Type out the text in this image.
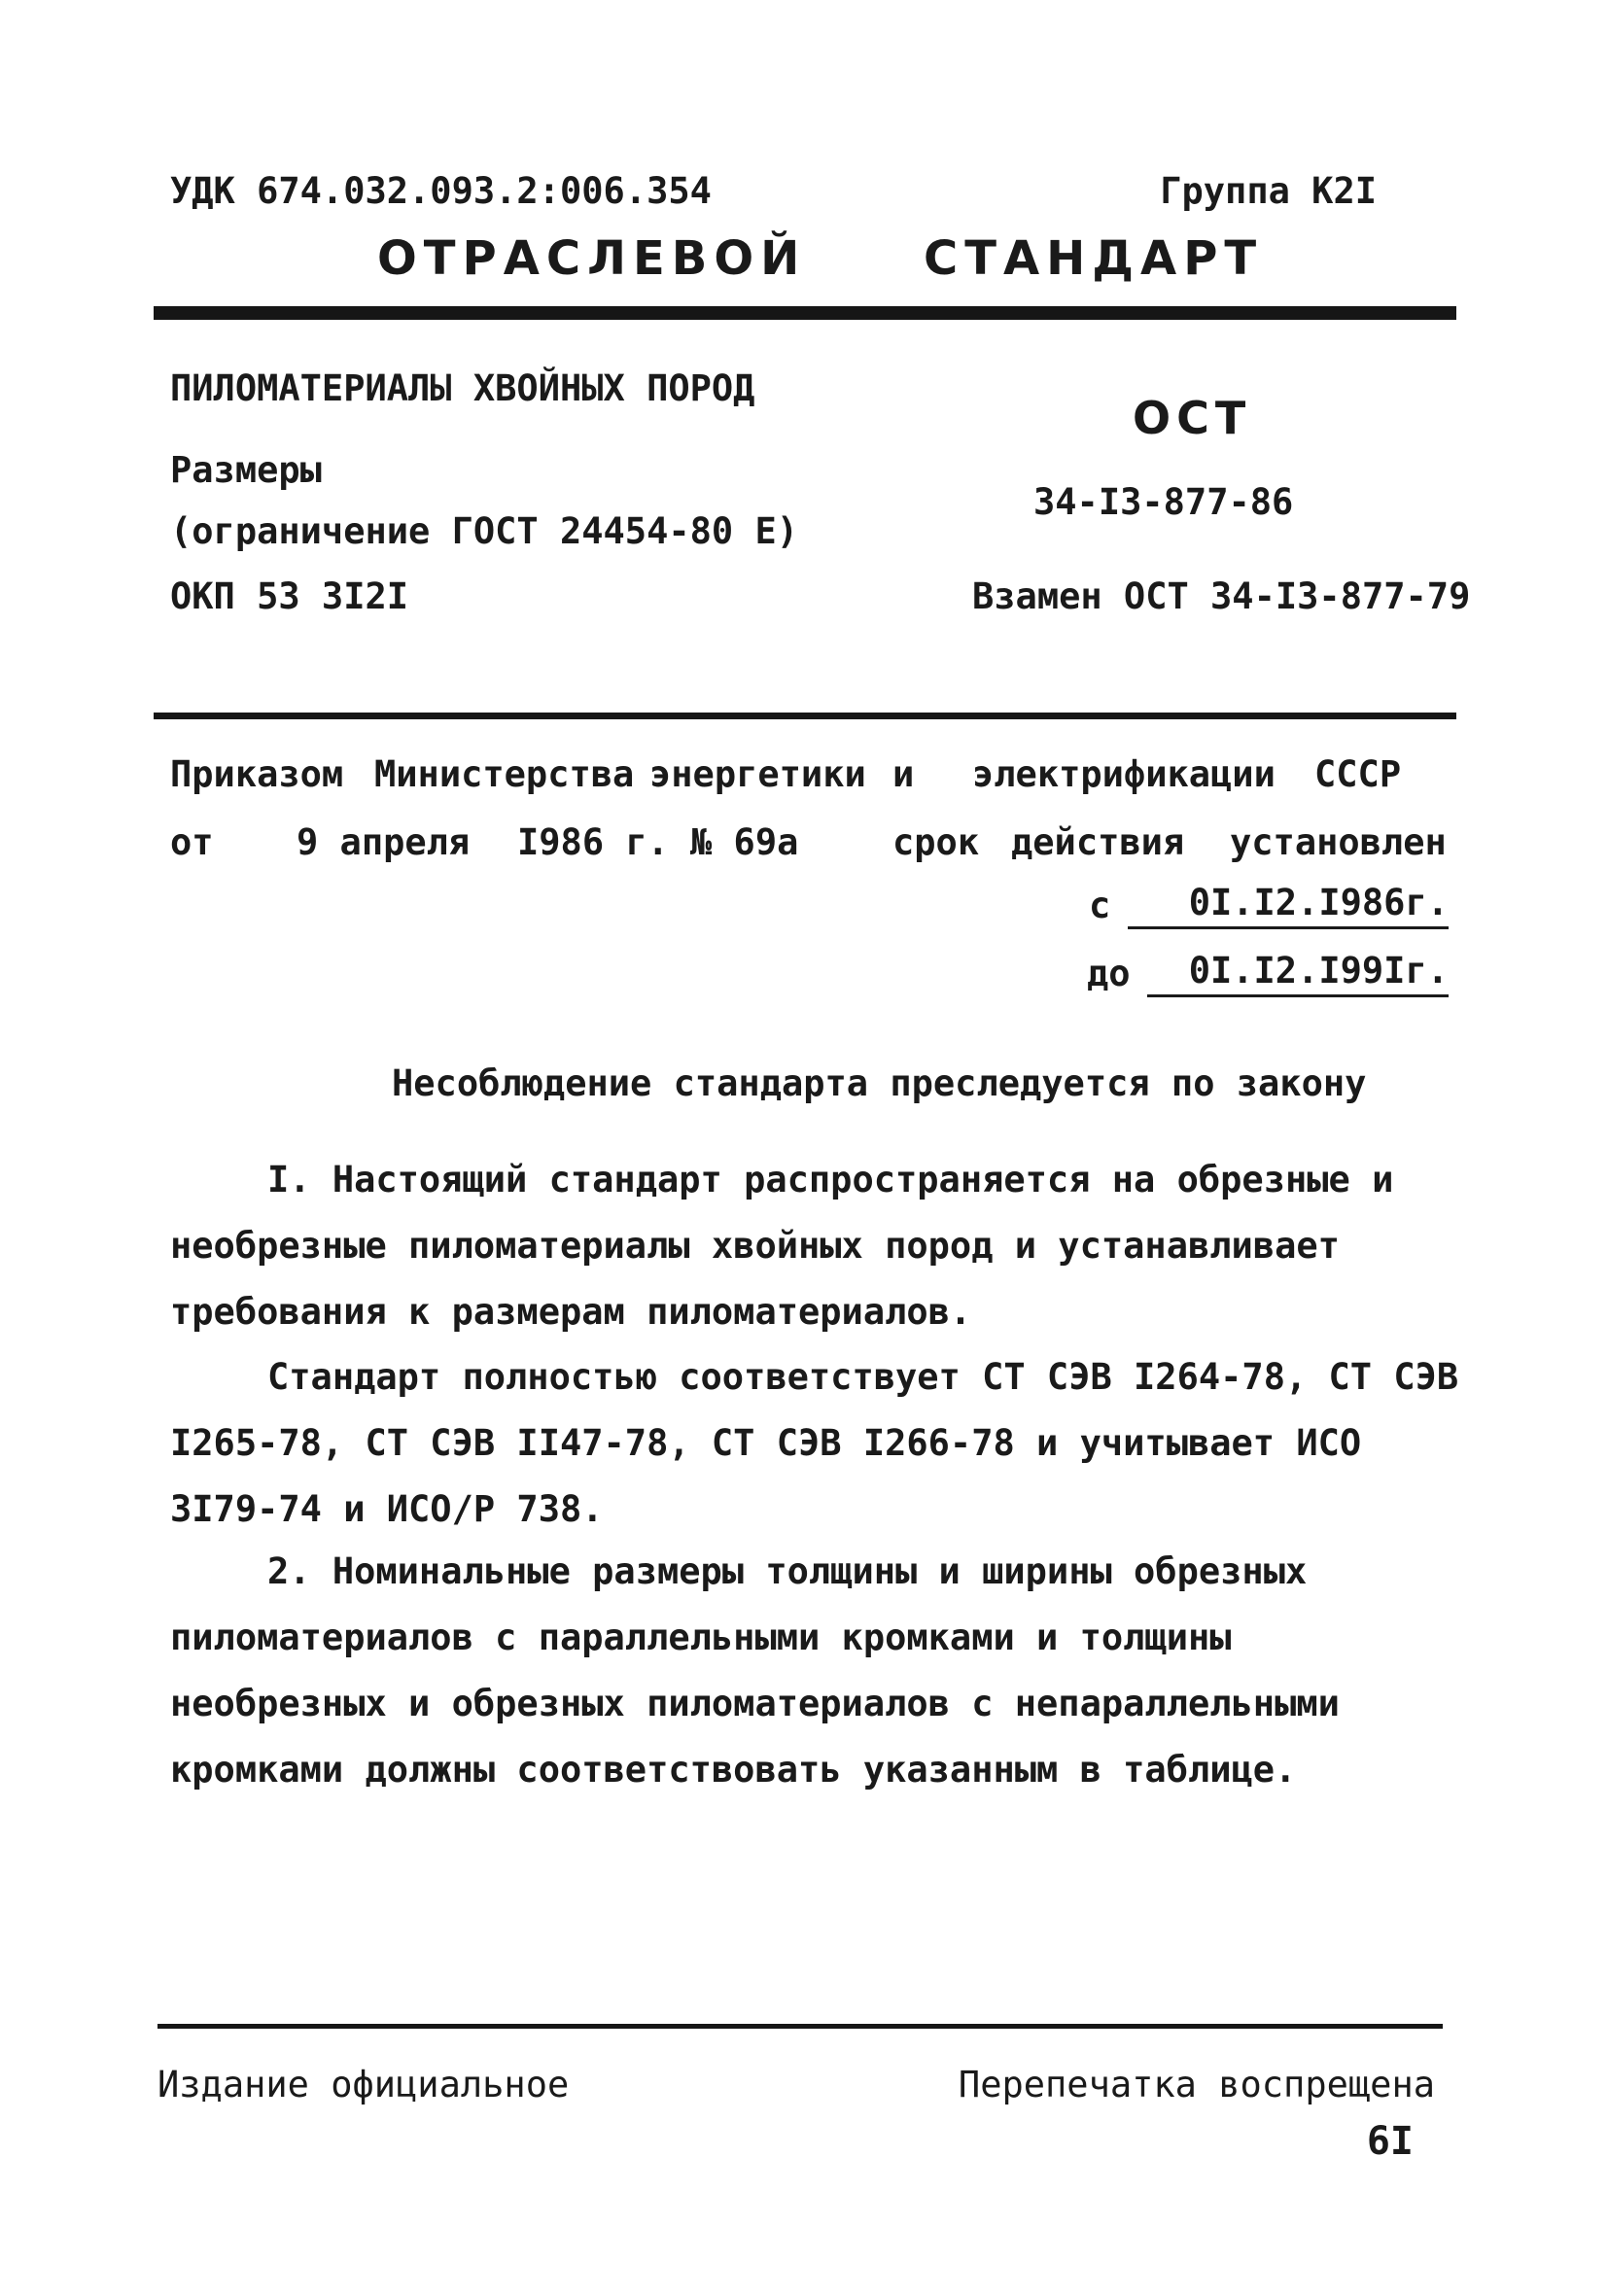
УДК 674.032.093.2:006.354	Группа К2I
ОТРАСЛЕВОЙ	СТАНДАРТ
ПИЛОМАТЕРИАЛЫ ХВОЙНЫХ ПОРОД
Размеры
(ограничение ГОСТ 24454-80 Е)
ОКП 53 3I2I
ОСТ
34-I3-877-86
Взамен ОСТ 34-I3-877-79
Приказом Министерства энергетики и электрификации СССР
от 9 апреля I986 г. № 69а	срок действия установлен
с	0I.I2.I986г.
до	0I.I2.I99Iг.
Несоблюдение стандарта преследуется по закону
I. Настоящий стандарт распространяется на обрезные и необрезные пиломатериалы хвойных пород и устанавливает требования к размерам пиломатериалов.
Стандарт полностью соответствует СТ СЭВ I264-78, СТ СЭВ I265-78, СТ СЭВ II47-78, СТ СЭВ I266-78 и учитывает ИСО 3I79-74 и ИСО/Р 738.
2. Номинальные размеры толщины и ширины обрезных пиломатериалов с параллельными кромками и толщины необрезных и обрезных пиломатериалов с непараллельными кромками должны соответствовать указанным в таблице.
Издание официальное	Перепечатка воспрещена
6I
